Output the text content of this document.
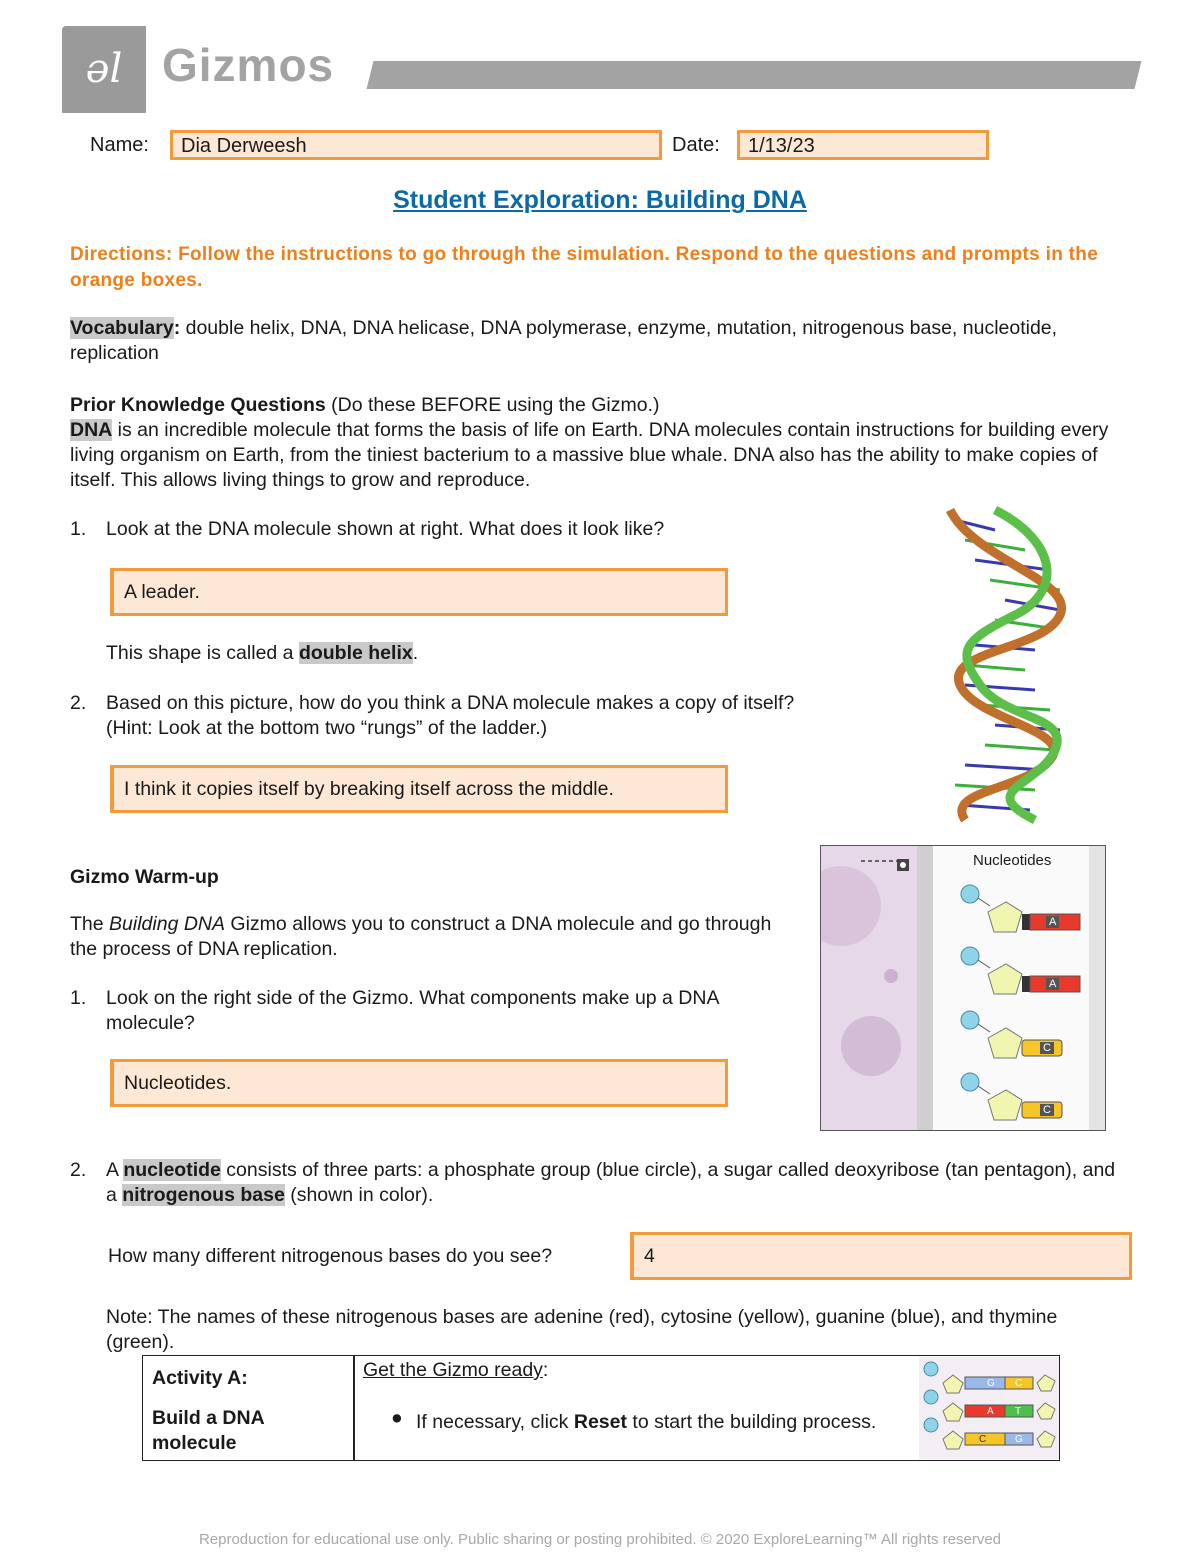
əl Gizmos
Name:	Dia Derweesh	Date:	1/13/23
Student Exploration: Building DNA
Directions: Follow the instructions to go through the simulation. Respond to the questions and prompts in the orange boxes.
Vocabulary: double helix, DNA, DNA helicase, DNA polymerase, enzyme, mutation, nitrogenous base, nucleotide, replication
Prior Knowledge Questions (Do these BEFORE using the Gizmo.)
DNA is an incredible molecule that forms the basis of life on Earth. DNA molecules contain instructions for building every living organism on Earth, from the tiniest bacterium to a massive blue whale. DNA also has the ability to make copies of itself. This allows living things to grow and reproduce.
1. Look at the DNA molecule shown at right. What does it look like?
A leader.
This shape is called a double helix.
2. Based on this picture, how do you think a DNA molecule makes a copy of itself?
(Hint: Look at the bottom two “rungs” of the ladder.)
I think it copies itself by breaking itself across the middle.
Gizmo Warm-up
The Building DNA Gizmo allows you to construct a DNA molecule and go through the process of DNA replication.
1. Look on the right side of the Gizmo. What components make up a DNA molecule?
Nucleotides.
Nucleotides
A
A
C
C
2. A nucleotide consists of three parts: a phosphate group (blue circle), a sugar called deoxyribose (tan pentagon), and a nitrogenous base (shown in color).
How many different nitrogenous bases do you see?	4
Note: The names of these nitrogenous bases are adenine (red), cytosine (yellow), guanine (blue), and thymine (green).
Activity A:
Build a DNA molecule
Get the Gizmo ready:
● If necessary, click Reset to start the building process.
G C
A T
C	G
Reproduction for educational use only. Public sharing or posting prohibited. © 2020 ExploreLearning™ All rights reserved
